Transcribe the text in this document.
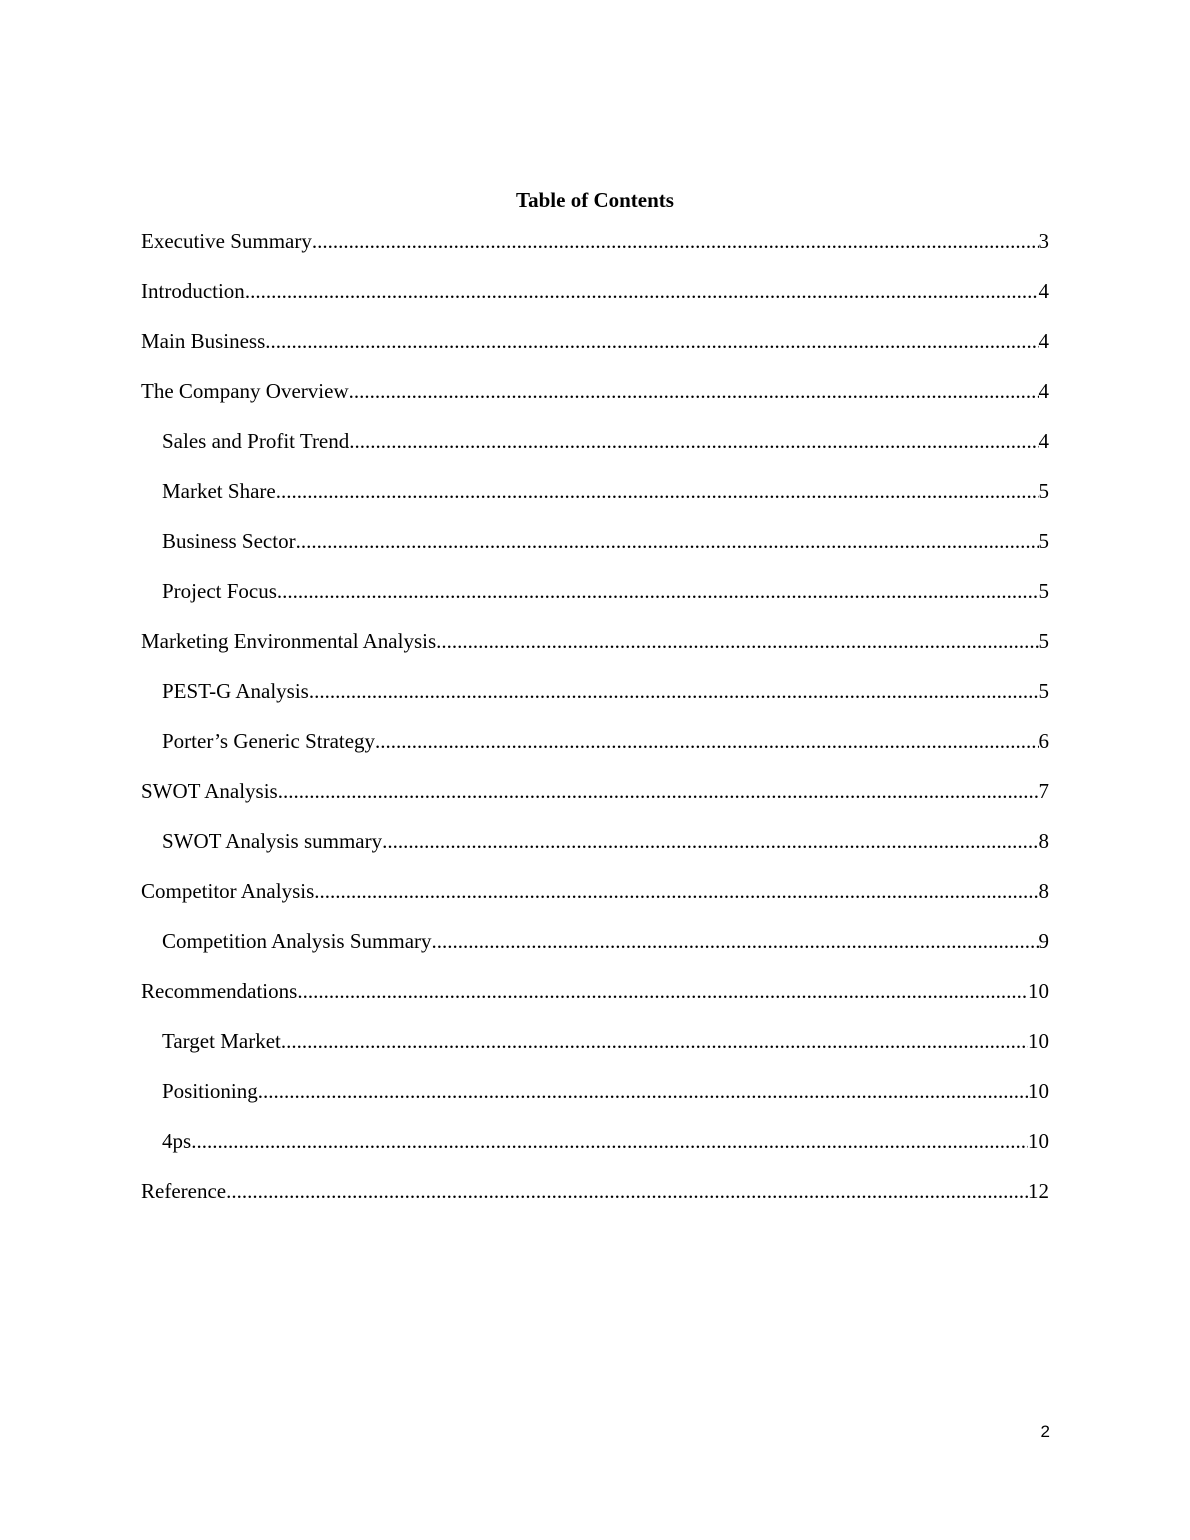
Table of Contents
Executive Summary .....	3
Introduction .....	4
Main Business .....	4
The Company Overview .....	4
Sales and Profit Trend .....	4
Market Share .....	5
Business Sector .....	5
Project Focus .....	5
Marketing Environmental Analysis .....	5
PEST-G Analysis .....	5
Porter’s Generic Strategy .....	6
SWOT Analysis .....	7
SWOT Analysis summary .....	8
Competitor Analysis .....	8
Competition Analysis Summary .....	9
Recommendations .....	10
Target Market .....	10
Positioning .....	10
4ps .....	10
Reference .....	12
2
